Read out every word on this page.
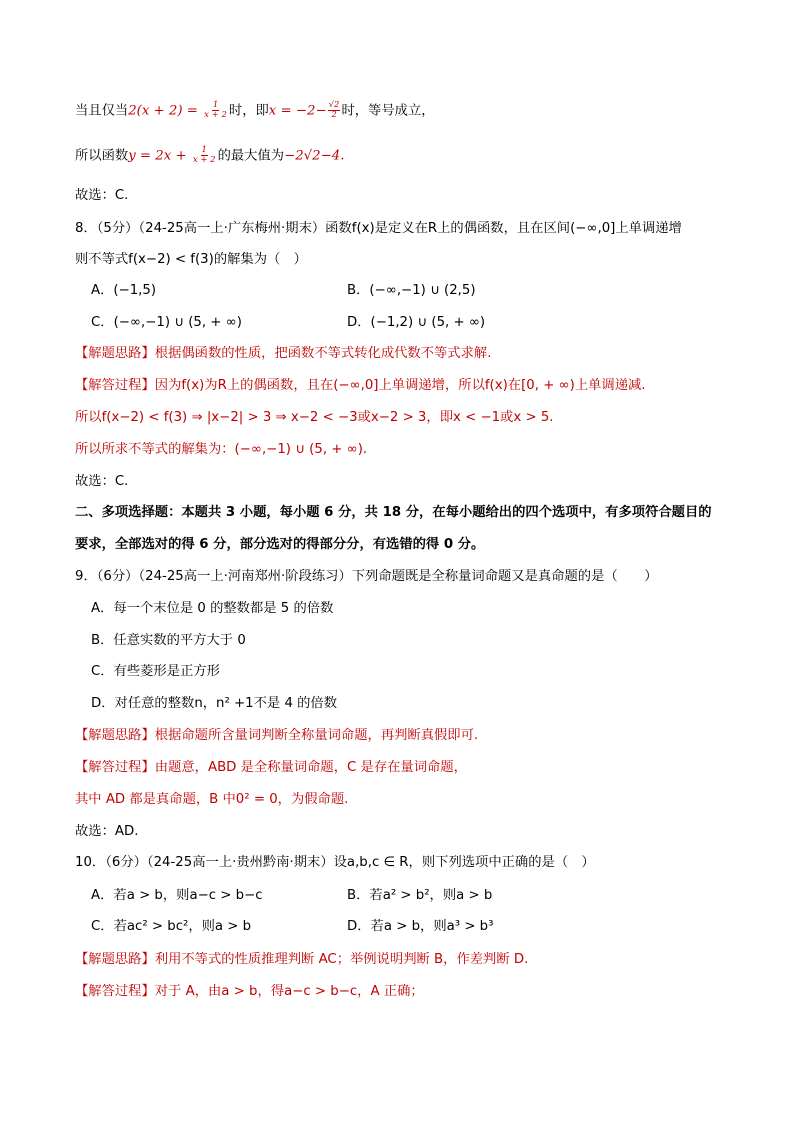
当且仅当$2(x + 2) = \frac{1}{x + 2}$ 时，即$x = -2- \frac{√2}{2}$ 时，等号成立，
所以函数$y = 2x + \frac{1}{x + 2}$ 的最大值为−2√2−4.
故选：C.
8．（5分）（24-25高一上·广东梅州·期末）函数f(x)是定义在R上的偶函数，且在区间(−∞,0]上单调递增
则不等式f(x−2) < f(3)的解集为（　）
A．(−1,5)	B．(−∞,−1) ∪ (2,5)
C．(−∞,−1) ∪ (5, + ∞)	D．(−1,2) ∪ (5, + ∞)
【解题思路】根据偶函数的性质，把函数不等式转化成代数不等式求解.
【解答过程】因为f(x)为R上的偶函数，且在(−∞,0]上单调递增，所以f(x)在[0, + ∞)上单调递减.
所以f(x−2) < f(3) ⇒ |x−2| > 3 ⇒ x−2 < −3或x−2 > 3，即x < −1或x > 5.
所以所求不等式的解集为：(−∞,−1) ∪ (5, + ∞).
故选：C.
二、多项选择题：本题共 3 小题，每小题 6 分，共 18 分，在每小题给出的四个选项中，有多项符合题目的
要求，全部选对的得 6 分，部分选对的得部分分，有选错的得 0 分。
9．（6分）（24-25高一上·河南郑州·阶段练习）下列命题既是全称量词命题又是真命题的是（　　）
A．每一个末位是 0 的整数都是 5 的倍数
B．任意实数的平方大于 0
C．有些菱形是正方形
D．对任意的整数n，n² +1不是 4 的倍数
【解题思路】根据命题所含量词判断全称量词命题，再判断真假即可.
【解答过程】由题意，ABD 是全称量词命题，C 是存在量词命题，
其中 AD 都是真命题，B 中0² = 0，为假命题.
故选：AD.
10．（6分）（24-25高一上·贵州黔南·期末）设a,b,c ∈ R，则下列选项中正确的是（　）
A．若a > b，则a−c > b−c	B．若a² > b²，则a > b
C．若ac² > bc²，则a > b	D．若a > b，则a³ > b³
【解题思路】利用不等式的性质推理判断 AC；举例说明判断 B，作差判断 D.
【解答过程】对于 A，由a > b，得a−c > b−c，A 正确；
